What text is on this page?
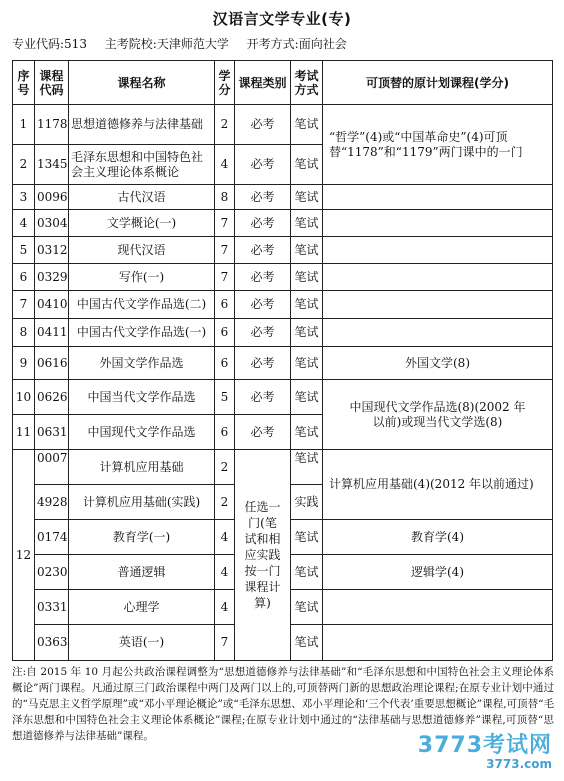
汉语言文学专业(专)
专业代码:513 主考院校:天津师范大学 开考方式:面向社会
序号	课程代码	课程名称	学分	课程类别	考试方式	可顶替的原计划课程(学分)
1	1178	思想道德修养与法律基础	2	必考	笔试	“哲学”(4)或“中国革命史”(4)可顶替“1178”和“1179”两门课中的一门
2	1345	毛泽东思想和中国特色社会主义理论体系概论	4	必考	笔试	
3	0096	古代汉语	8	必考	笔试	
4	0304	文学概论(一)	7	必考	笔试	
5	0312	现代汉语	7	必考	笔试	
6	0329	写作(一)	7	必考	笔试	
7	0410	中国古代文学作品选(二)	6	必考	笔试	
8	0411	中国古代文学作品选(一)	6	必考	笔试	
9	0616	外国文学作品选	6	必考	笔试	外国文学(8)
10	0626	中国当代文学作品选	5	必考	笔试	中国现代文学作品选(8)(2002 年以前)或现当代文学选(8)
11	0631	中国现代文学作品选	6	必考	笔试	
12	0007	计算机应用基础	2	任选一门(笔试和相应实践按一门课程计算)	笔试	计算机应用基础(4)(2012 年以前通过)
	4928	计算机应用基础(实践)	2		实践	
	0174	教育学(一)	4		笔试	教育学(4)
	0230	普通逻辑	4		笔试	逻辑学(4)
	0331	心理学	4		笔试	
	0363	英语(一)	7		笔试	
注:自 2015 年 10 月起公共政治课程调整为“思想道德修养与法律基础”和“毛泽东思想和中国特色社会主义理论体系概论”两门课程。凡通过原三门政治课程中两门及两门以上的,可顶替两门新的思想政治理论课程;在原专业计划中通过的“马克思主义哲学原理”或“邓小平理论概论”或“毛泽东思想、邓小平理论和‘三个代表’重要思想概论”课程,可顶替“毛泽东思想和中国特色社会主义理论体系概论”课程;在原专业计划中通过的“法律基础与思想道德修养”课程,可顶替“思想道德修养与法律基础”课程。	3773考试网
3773.com
